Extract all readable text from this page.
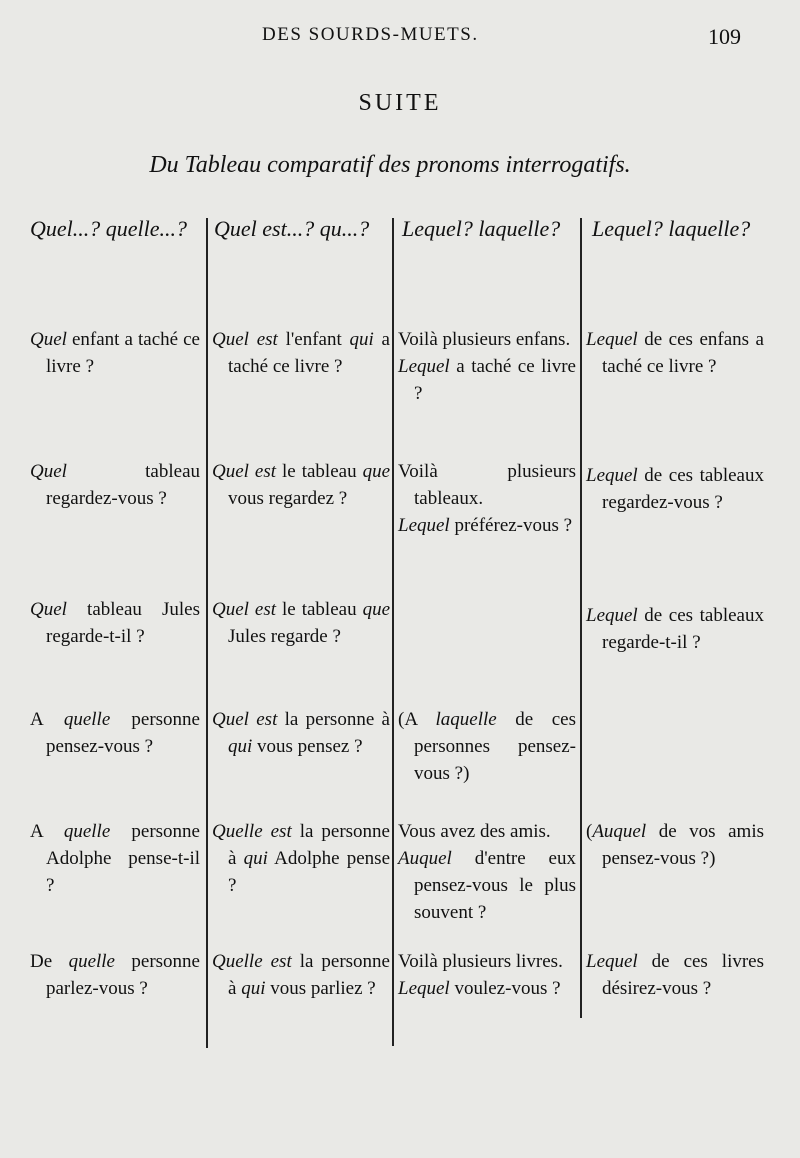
DES SOURDS-MUETS.	109
SUITE
Du Tableau comparatif des pronoms interrogatifs.
Quel...? quelle...? Quel est...? qu...? Lequel? laquelle? Lequel? laquelle?

Quel enfant a taché ce livre ?

Quel est l'enfant qui a taché ce livre ?

Voilà plusieurs enfans.

Lequel a taché ce livre ?

Lequel de ces enfans a taché ce livre ?

Quel tableau regardez-vous ?

Quel est le tableau que vous regardez ?

Voilà plusieurs tableaux.

Lequel préférez-vous ?

Lequel de ces tableaux regardez-vous ?

Quel tableau Jules regarde-t-il ?

Quel est le tableau que Jules regarde ?

Lequel de ces tableaux regarde-t-il ?

A quelle personne pensez-vous ?

Quel est la personne à qui vous pensez ?

(A laquelle de ces personnes pensez-vous ?)

A quelle personne Adolphe pense-t-il ?

Quelle est la personne à qui Adolphe pense ?

Vous avez des amis.

Auquel d'entre eux pensez-vous le plus souvent ?

(Auquel de vos amis pensez-vous ?)

De quelle personne parlez-vous ?

Quelle est la personne à qui vous parliez ?

Voilà plusieurs livres.

Lequel voulez-vous ?

Lequel de ces livres désirez-vous ?
